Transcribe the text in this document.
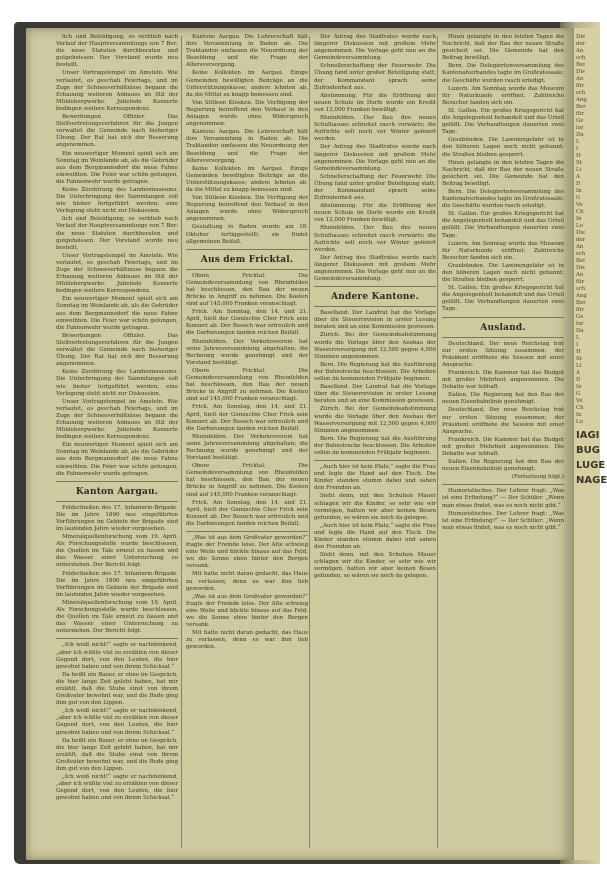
lich und Beleidigung, es verblieb nach Verlauf der Hauptversammlungs von 7 Ber: die neue Statuten durchberaten und gutgeheissen. Der Vorstand wurde neu bestellt.

Unser Vortragstempel im Amsteln. Wie verlautet, es geschah Feiertags, und im Zuge der Schneeverhältnisse begann die Erbauung weiteren Anbaues im Stil der Mühlebergwerke. Jubelnde Konzerte bedingen weitere Korrespondenz.

Bewerbungen Offizier. Das Stellvertretungsverfahren für die Jungen verwaltet die Gemeinde nach bisheriger Übung. Der Rat hat sich der Besserung angenommen.

Ein neuwertiger Moment spielt sich am Sonntag im Weinlande ab, als die Gebrüder aus dem Bergmannsdorf die neue Fahne einweihten. Die Feier war schön gelungen, die Fahnenwehr wurde getragen.

Keine Zerstörung des Landesmuseums. Die Unterbringung der Sammlungen soll wie bisher fortgeführt werden; eine Verlegung steht nicht zur Diskussion.

lich und Beleidigung, es verblieb nach Verlauf der Hauptversammlungs von 7 Ber: die neue Statuten durchberaten und gutgeheissen. Der Vorstand wurde neu bestellt.

Unser Vortragstempel im Amsteln. Wie verlautet, es geschah Feiertags, und im Zuge der Schneeverhältnisse begann die Erbauung weiteren Anbaues im Stil der Mühlebergwerke. Jubelnde Konzerte bedingen weitere Korrespondenz.

Ein neuwertiger Moment spielt sich am Sonntag im Weinlande ab, als die Gebrüder aus dem Bergmannsdorf die neue Fahne einweihten. Die Feier war schön gelungen, die Fahnenwehr wurde getragen.

Bewerbungen Offizier. Das Stellvertretungsverfahren für die Jungen verwaltet die Gemeinde nach bisheriger Übung. Der Rat hat sich der Besserung angenommen.

Keine Zerstörung des Landesmuseums. Die Unterbringung der Sammlungen soll wie bisher fortgeführt werden; eine Verlegung steht nicht zur Diskussion.

Unser Vortragstempel im Amsteln. Wie verlautet, es geschah Feiertags, und im Zuge der Schneeverhältnisse begann die Erbauung weiteren Anbaues im Stil der Mühlebergwerke. Jubelnde Konzerte bedingen weitere Korrespondenz.

Ein neuwertiger Moment spielt sich am Sonntag im Weinlande ab, als die Gebrüder aus dem Bergmannsdorf die neue Fahne einweihten. Die Feier war schön gelungen, die Fahnenwehr wurde getragen.

Kanton Aargau.

Feldschießen des 17. Infanterie-Brigade. Die im Jahre 1890 neu eingeführten Vorführungen im Gebiete der Brigade sind im laufenden Jahre wieder vorgesehen.

Mineralquellenforschung vom 19. April. Als Forschungsstelle wurde beschlossen, die Quellen im Tale erneut zu fassen und das Wasser einer Untersuchung zu unterziehen. Der Bericht folgt.

Feldschießen des 17. Infanterie-Brigade. Die im Jahre 1890 neu eingeführten Vorführungen im Gebiete der Brigade sind im laufenden Jahre wieder vorgesehen.

Mineralquellenforschung vom 19. April. Als Forschungsstelle wurde beschlossen, die Quellen im Tale erneut zu fassen und das Wasser einer Untersuchung zu unterziehen. Der Bericht folgt.

„Ich weiß nicht!“ sagte er nachdenkend, „aber ich wüßte viel zu erzählen von dieser Gegend dort, von den Leuten, die hier gewohnt haben und von ihrem Schicksal.“

Da heißt ein Bauer, er ohne im Gespräch, die hier lange Zeit gelebt haben, hat mir erzählt, daß die Stube einst von ihrem Großvater bewohnt war, und die Rede ging ihm gut von den Lippen.

„Ich weiß nicht!“ sagte er nachdenkend, „aber ich wüßte viel zu erzählen von dieser Gegend dort, von den Leuten, die hier gewohnt haben und von ihrem Schicksal.“

Da heißt ein Bauer, er ohne im Gespräch, die hier lange Zeit gelebt haben, hat mir erzählt, daß die Stube einst von ihrem Großvater bewohnt war, und die Rede ging ihm gut von den Lippen.

„Ich weiß nicht!“ sagte er nachdenkend, „aber ich wüßte viel zu erzählen von dieser Gegend dort, von den Leuten, die hier gewohnt haben und von ihrem Schicksal.“

Kantons Aargau. Die Lehrerschaft hält ihre Versammlung in Baden ab. Die Traktanden umfassen die Neuordnung der Besoldung und die Frage der Altersversorgung.

Keine Kollekten im Aargau. Einige Gemeinden bewilligten Beiträge an die Unterstützungskasse; andere lehnten ab, da die Mittel zu knapp bemessen sind.

Von Stilleen Kiosken. Die Verfügung der Regierung betreffend den Verkauf in den Anlagen wurde ohne Widerspruch angenommen.

Kantons Aargau. Die Lehrerschaft hält ihre Versammlung in Baden ab. Die Traktanden umfassen die Neuordnung der Besoldung und die Frage der Altersversorgung.

Keine Kollekten im Aargau. Einige Gemeinden bewilligten Beiträge an die Unterstützungskasse; andere lehnten ab, da die Mittel zu knapp bemessen sind.

Von Stilleen Kiosken. Die Verfügung der Regierung betreffend den Verkauf in den Anlagen wurde ohne Widerspruch angenommen.

Gestaltung in Baden wurde am 18. Oktober fertiggestellt; sie findet allgemeinen Beifall.

Aus dem Fricktal.

Obere Fricktal. Die Gemeindeversammlung von Rheinfelden hat beschlossen, den Bau der neuen Brücke in Angriff zu nehmen. Die Kosten sind auf 145,000 Franken veranschlagt.

Frick. Am Sonntag, den 14. und 21. April, hielt der Gemischte Chor Frick sein Konzert ab. Der Besuch war erfreulich und die Darbietungen fanden reichen Beifall.

Rheinfelden. Der Verkehrsverein hat seine Jahresversammlung abgehalten; die Rechnung wurde genehmigt und der Vorstand bestätigt.

Obere Fricktal. Die Gemeindeversammlung von Rheinfelden hat beschlossen, den Bau der neuen Brücke in Angriff zu nehmen. Die Kosten sind auf 145,000 Franken veranschlagt.

Frick. Am Sonntag, den 14. und 21. April, hielt der Gemischte Chor Frick sein Konzert ab. Der Besuch war erfreulich und die Darbietungen fanden reichen Beifall.

Rheinfelden. Der Verkehrsverein hat seine Jahresversammlung abgehalten; die Rechnung wurde genehmigt und der Vorstand bestätigt.

Obere Fricktal. Die Gemeindeversammlung von Rheinfelden hat beschlossen, den Bau der neuen Brücke in Angriff zu nehmen. Die Kosten sind auf 145,000 Franken veranschlagt.

Frick. Am Sonntag, den 14. und 21. April, hielt der Gemischte Chor Frick sein Konzert ab. Der Besuch war erfreulich und die Darbietungen fanden reichen Beifall.

„Was ist aus dem Großvater geworden?“ fragte der Fremde leise. Der Alte schwieg eine Weile und blickte hinaus auf das Feld, wo die Sonne eben hinter den Bergen versank.

Mit hatte nicht daran gedacht, das Haus zu verlassen, denn es war ihm lieb geworden.

„Was ist aus dem Großvater geworden?“ fragte der Fremde leise. Der Alte schwieg eine Weile und blickte hinaus auf das Feld, wo die Sonne eben hinter den Bergen versank.

Mit hatte nicht daran gedacht, das Haus zu verlassen, denn es war ihm lieb geworden.

Der Antrag des Stadtrates wurde nach längerer Diskussion mit großem Mehr angenommen. Die Vorlage geht nun an die Gemeindeversammlung.

Schnellerschaffung der Feuerwehr. Die Übung fand unter großer Beteiligung statt; der Kommandant sprach seine Zufriedenheit aus.

Abstimmung. Für die Eröffnung der neuen Schule im Dorfe wurde ein Kredit von 12,000 Franken bewilligt.

Rheinfelden. Der Bau des neuen Schulhauses schreitet rasch vorwärts; die Aufrichte soll noch vor Winter gefeiert werden.

Der Antrag des Stadtrates wurde nach längerer Diskussion mit großem Mehr angenommen. Die Vorlage geht nun an die Gemeindeversammlung.

Schnellerschaffung der Feuerwehr. Die Übung fand unter großer Beteiligung statt; der Kommandant sprach seine Zufriedenheit aus.

Abstimmung. Für die Eröffnung der neuen Schule im Dorfe wurde ein Kredit von 12,000 Franken bewilligt.

Rheinfelden. Der Bau des neuen Schulhauses schreitet rasch vorwärts; die Aufrichte soll noch vor Winter gefeiert werden.

Der Antrag des Stadtrates wurde nach längerer Diskussion mit großem Mehr angenommen. Die Vorlage geht nun an die Gemeindeversammlung.

Andere Kantone.

Baselland. Der Landrat hat die Vorlage über die Steuerrevision in erster Lesung beraten und an eine Kommission gewiesen.

Zürich. Bei der Gemeindeabstimmung wurde die Vorlage über den Ausbau der Wasserversorgung mit 12,500 gegen 4,000 Stimmen angenommen.

Bern. Die Regierung hat die Ausführung der Bahnstrecke beschlossen. Die Arbeiten sollen im kommenden Frühjahr beginnen.

Baselland. Der Landrat hat die Vorlage über die Steuerrevision in erster Lesung beraten und an eine Kommission gewiesen.

Zürich. Bei der Gemeindeabstimmung wurde die Vorlage über den Ausbau der Wasserversorgung mit 12,500 gegen 4,000 Stimmen angenommen.

Bern. Die Regierung hat die Ausführung der Bahnstrecke beschlossen. Die Arbeiten sollen im kommenden Frühjahr beginnen.

„Auch hier ist kein Platz,“ sagte die Frau und legte die Hand auf den Tisch. Die Kinder standen stumm dabei und sahen den Fremden an.

Sieht denn, mit den Schuhen Mauer schlagen wir die Kinder, so sehr wie wir vermögen, hatten wir aber keinen Besen gefunden, so wären sie noch da gelegen.

„Auch hier ist kein Platz,“ sagte die Frau und legte die Hand auf den Tisch. Die Kinder standen stumm dabei und sahen den Fremden an.

Sieht denn, mit den Schuhen Mauer schlagen wir die Kinder, so sehr wie wir vermögen, hatten wir aber keinen Besen gefunden, so wären sie noch da gelegen.

Hinzu gelangte in den letzten Tagen die Nachricht, daß der Bau der neuen Straße gesichert sei. Die Gemeinde hat den Beitrag bewilligt.

Bern. Die Delegiertenversammlung des Kantonalverbandes tagte im Großratssaale; die Geschäfte wurden rasch erledigt.

Luzern. Am Sonntag wurde das Museum für Naturkunde eröffnet. Zahlreiche Besucher fanden sich ein.

St. Gallen. Ein großes Kriegsgericht hat die Angelegenheit behandelt und das Urteil gefällt. Die Verhandlungen dauerten zwei Tage.

Graubünden. Die Lawinengefahr ist in den höheren Lagen noch nicht gebannt; die Straßen bleiben gesperrt.

Hinzu gelangte in den letzten Tagen die Nachricht, daß der Bau der neuen Straße gesichert sei. Die Gemeinde hat den Beitrag bewilligt.

Bern. Die Delegiertenversammlung des Kantonalverbandes tagte im Großratssaale; die Geschäfte wurden rasch erledigt.

St. Gallen. Ein großes Kriegsgericht hat die Angelegenheit behandelt und das Urteil gefällt. Die Verhandlungen dauerten zwei Tage.

Luzern. Am Sonntag wurde das Museum für Naturkunde eröffnet. Zahlreiche Besucher fanden sich ein.

Graubünden. Die Lawinengefahr ist in den höheren Lagen noch nicht gebannt; die Straßen bleiben gesperrt.

St. Gallen. Ein großes Kriegsgericht hat die Angelegenheit behandelt und das Urteil gefällt. Die Verhandlungen dauerten zwei Tage.

Ausland.

Deutschland. Der neue Reichstag trat zur ersten Sitzung zusammen; der Präsident eröffnete die Session mit einer Ansprache.

Frankreich. Die Kammer hat das Budget mit großer Mehrheit angenommen. Die Debatte war lebhaft.

Italien. Die Regierung hat den Bau der neuen Eisenbahnlinie genehmigt.

Deutschland. Der neue Reichstag trat zur ersten Sitzung zusammen; der Präsident eröffnete die Session mit einer Ansprache.

Frankreich. Die Kammer hat das Budget mit großer Mehrheit angenommen. Die Debatte war lebhaft.

Italien. Die Regierung hat den Bau der neuen Eisenbahnlinie genehmigt.

(Fortsetzung folgt.)

Humoristisches. Der Lehrer fragt: „Was ist eine Erfindung?“ — Der Schüler: „Wenn man etwas findet, was es noch nicht gibt.“

Humoristisches. Der Lehrer fragt: „Was ist eine Erfindung?“ — Der Schüler: „Wenn man etwas findet, was es noch nicht gibt.“

Die
der
An
sch
Bei
Dis
An
für
sch
Ang
Ber
für
Ge
lor
Da
L
I
H
St
Li
A
D
In
G
Ve
Ch
In
Lo
Die
der
An
sch
Bei
Dis
An
für
sch
Ang
Ber
für
Ge
lor
Da
L
I
H
St
Li
A
D
In
G
Ve
Ch
In
Lo
IAGI
BUG
LUGE
NAGE
